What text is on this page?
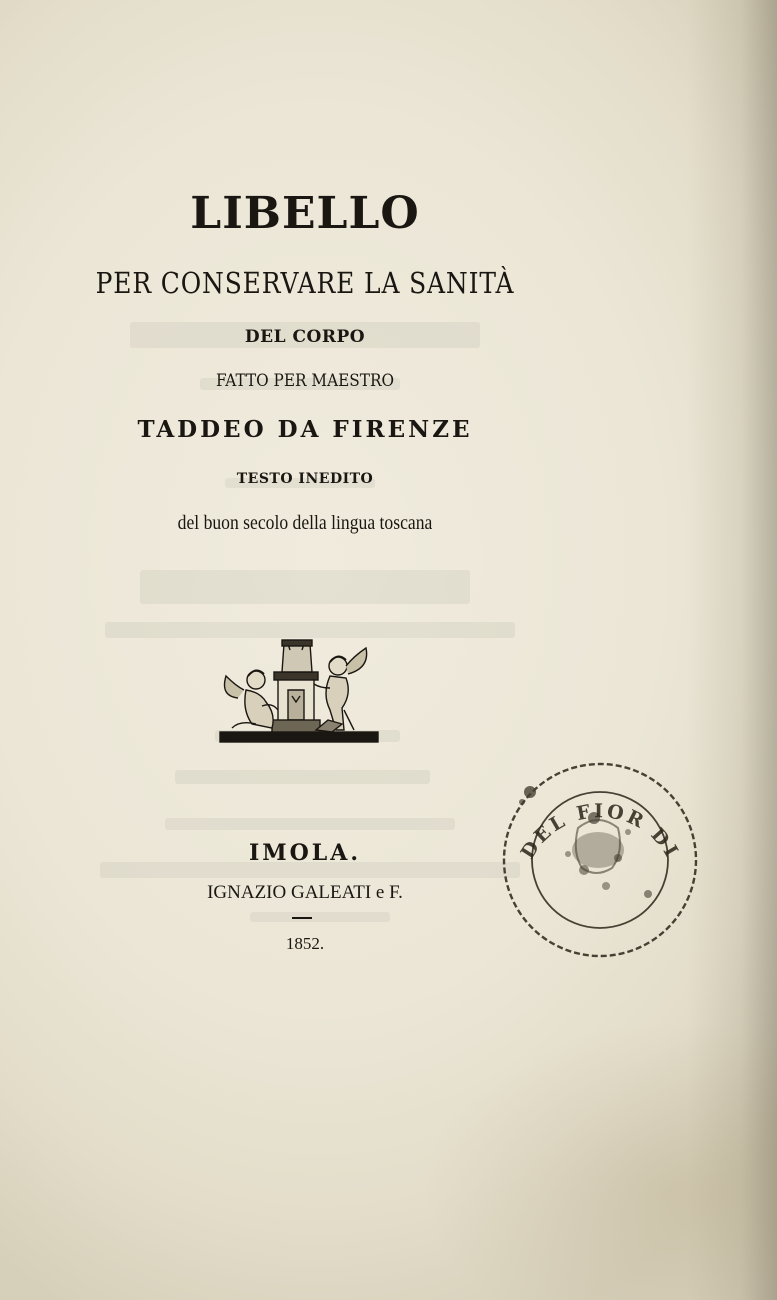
LIBELLO
PER CONSERVARE LA SANITÀ
DEL CORPO
FATTO PER MAESTRO
TADDEO DA FIRENZE
TESTO INEDITO
del buon secolo della lingua toscana
IMOLA.
IGNAZIO GALEATI e F.
1852.
DEL FIOR DI
